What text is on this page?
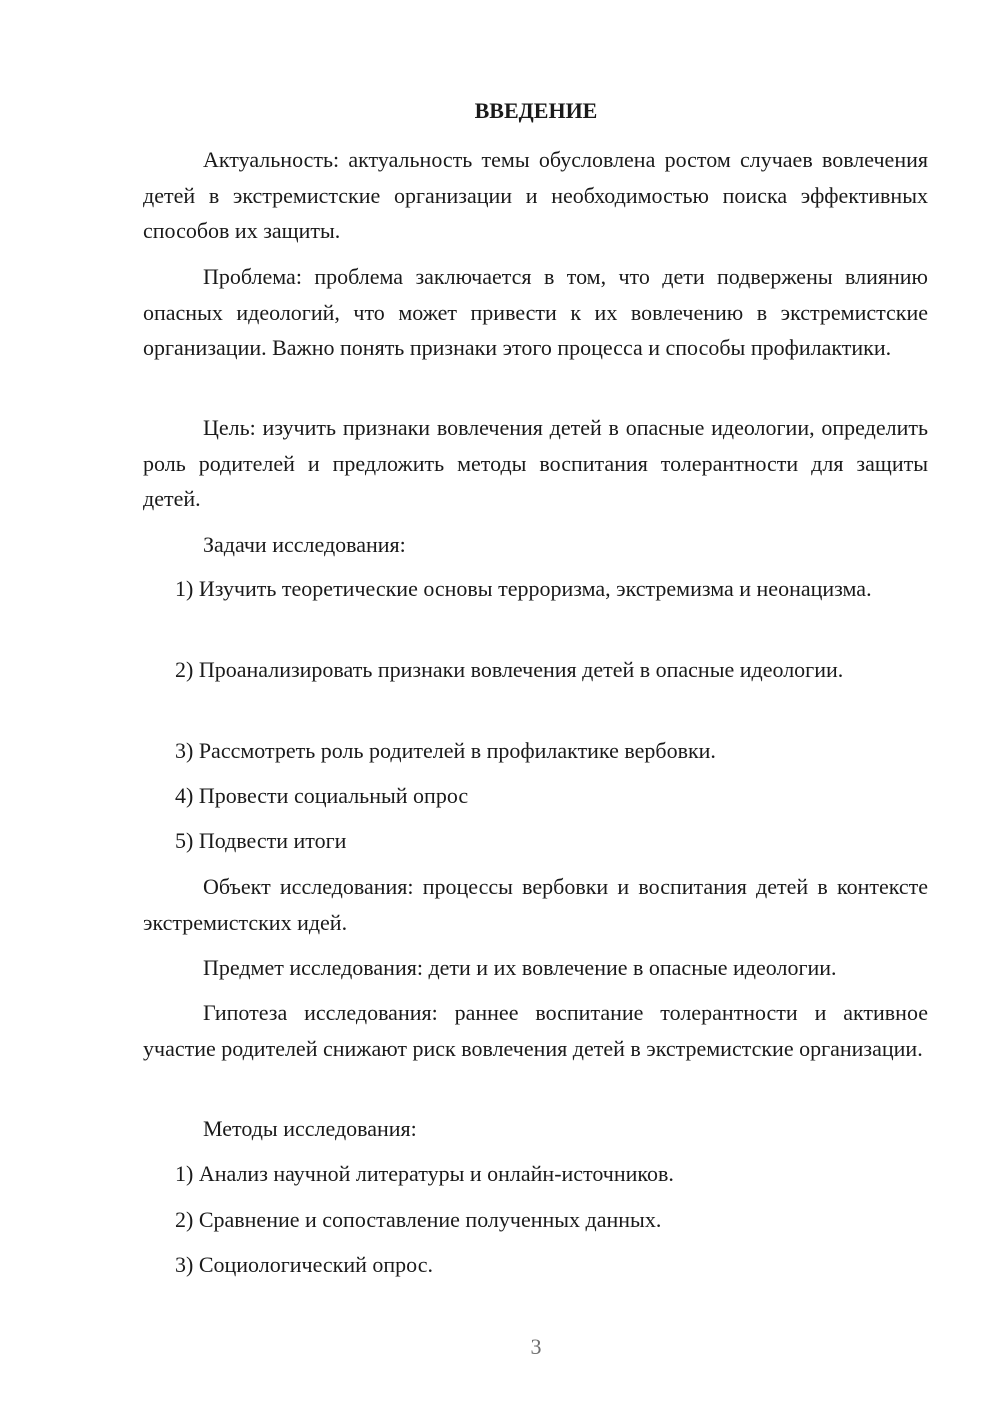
ВВЕДЕНИЕ

Актуальность: актуальность темы обусловлена ростом случаев вовлечения детей в экстремистские организации и необходимостью поиска эффективных способов их защиты.

Проблема: проблема заключается в том, что дети подвержены влиянию опасных идеологий, что может привести к их вовлечению в экстремистские организации. Важно понять признаки этого процесса и способы профилактики.

Цель: изучить признаки вовлечения детей в опасные идеологии, определить роль родителей и предложить методы воспитания толерантности для защиты детей.

Задачи исследования:

1) Изучить теоретические основы терроризма, экстремизма и неонацизма.

2) Проанализировать признаки вовлечения детей в опасные идеологии.

3) Рассмотреть роль родителей в профилактике вербовки.

4) Провести социальный опрос

5) Подвести итоги

Объект исследования: процессы вербовки и воспитания детей в контексте экстремистских идей.

Предмет исследования: дети и их вовлечение в опасные идеологии.

Гипотеза исследования: раннее воспитание толерантности и активное участие родителей снижают риск вовлечения детей в экстремистские организации.

Методы исследования:

1) Анализ научной литературы и онлайн-источников.

2) Сравнение и сопоставление полученных данных.

3) Социологический опрос.

3
